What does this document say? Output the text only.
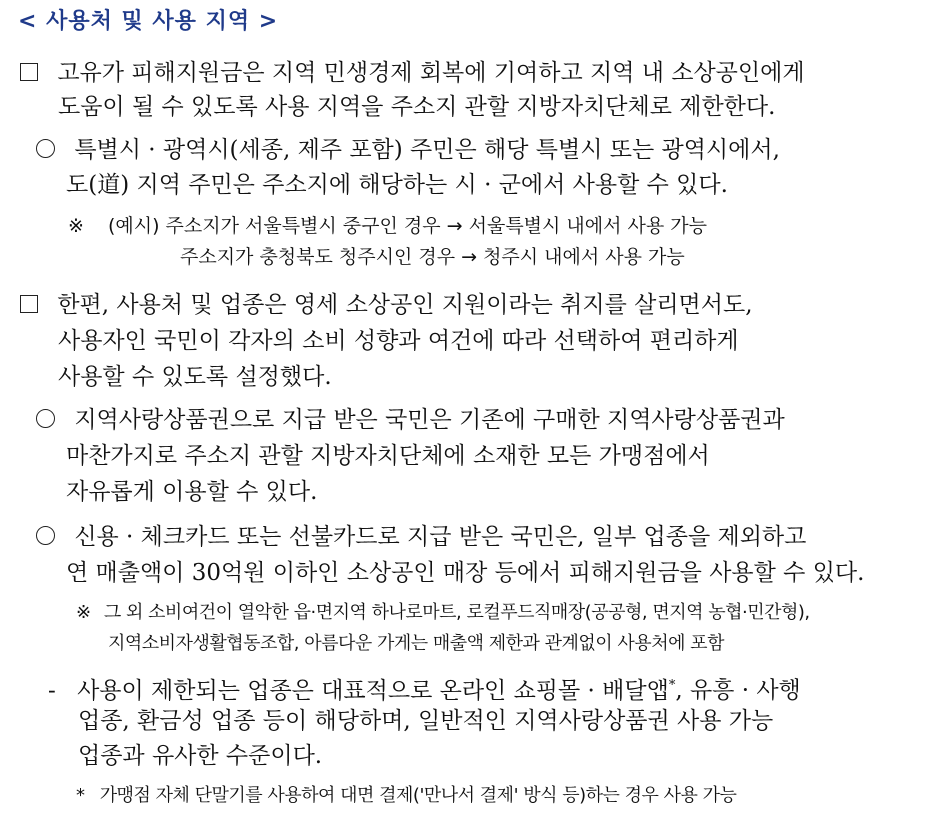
< 사용처 및 사용 지역 >
고유가 피해지원금은 지역 민생경제 회복에 기여하고 지역 내 소상공인에게
도움이 될 수 있도록 사용 지역을 주소지 관할 지방자치단체로 제한한다.
특별시 · 광역시(세종, 제주 포함) 주민은 해당 특별시 또는 광역시에서,
도(道) 지역 주민은 주소지에 해당하는 시 · 군에서 사용할 수 있다.
※ (예시) 주소지가 서울특별시 중구인 경우 → 서울특별시 내에서 사용 가능
주소지가 충청북도 청주시인 경우 → 청주시 내에서 사용 가능
한편, 사용처 및 업종은 영세 소상공인 지원이라는 취지를 살리면서도,
사용자인 국민이 각자의 소비 성향과 여건에 따라 선택하여 편리하게
사용할 수 있도록 설정했다.
지역사랑상품권으로 지급 받은 국민은 기존에 구매한 지역사랑상품권과
마찬가지로 주소지 관할 지방자치단체에 소재한 모든 가맹점에서
자유롭게 이용할 수 있다.
신용 · 체크카드 또는 선불카드로 지급 받은 국민은, 일부 업종을 제외하고
연 매출액이 30억원 이하인 소상공인 매장 등에서 피해지원금을 사용할 수 있다.
※ 그 외 소비여건이 열악한 읍·면지역 하나로마트, 로컬푸드직매장(공공형, 면지역 농협·민간형),
지역소비자생활협동조합, 아름다운 가게는 매출액 제한과 관계없이 사용처에 포함
- 사용이 제한되는 업종은 대표적으로 온라인 쇼핑몰 · 배달앱*, 유흥 · 사행
업종, 환금성 업종 등이 해당하며, 일반적인 지역사랑상품권 사용 가능
업종과 유사한 수준이다.
* 가맹점 자체 단말기를 사용하여 대면 결제('만나서 결제' 방식 등)하는 경우 사용 가능
